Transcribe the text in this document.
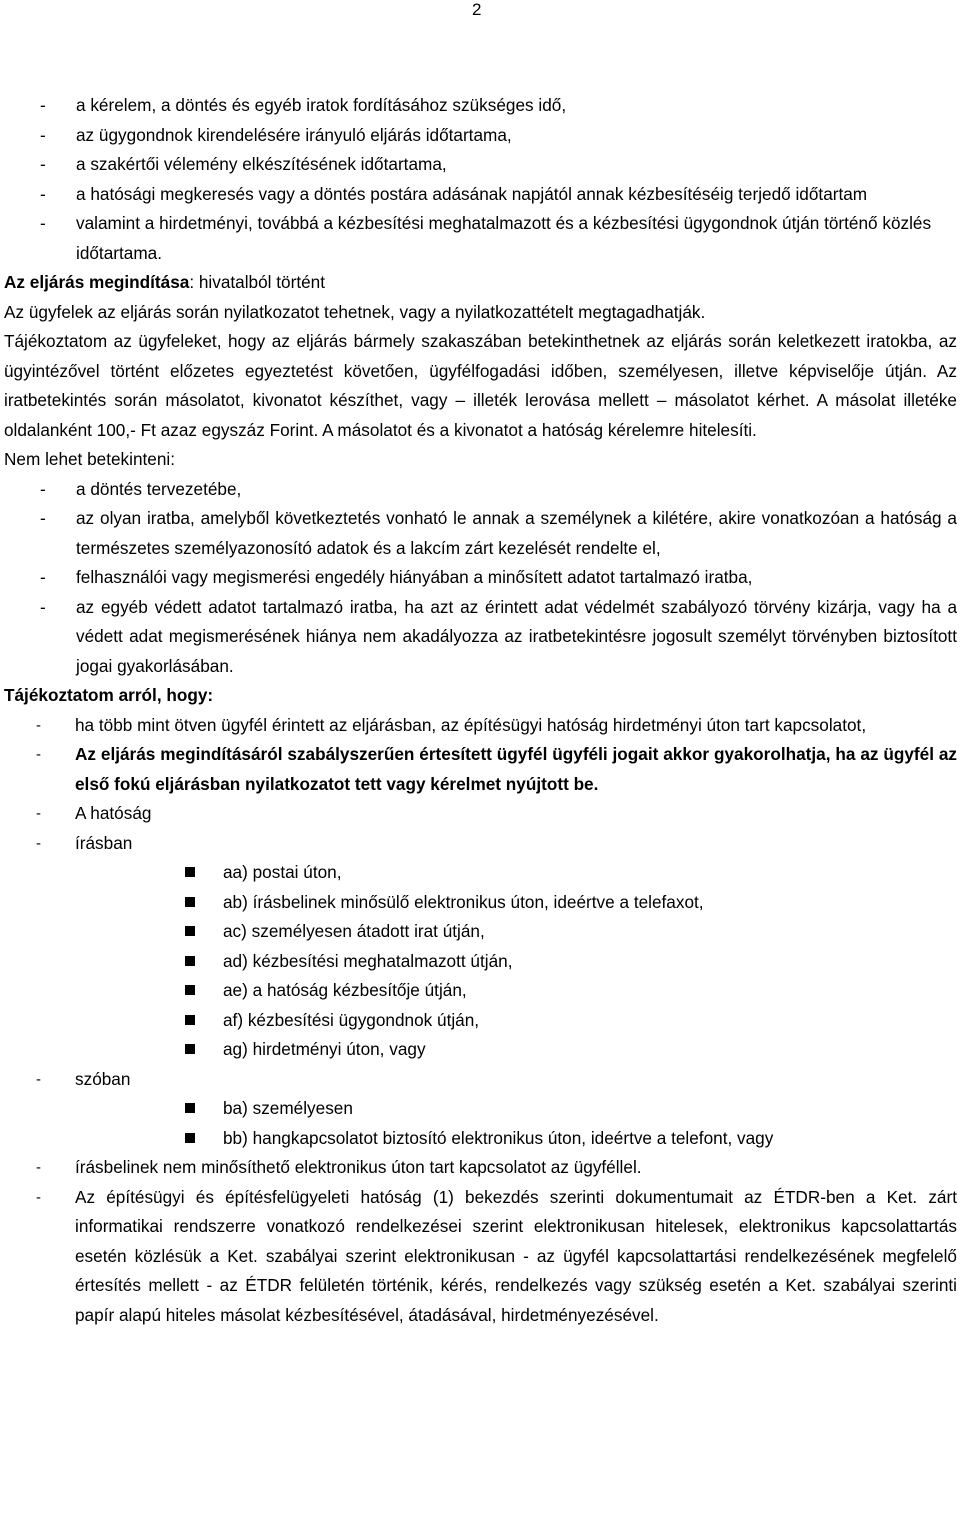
2
-	a kérelem, a döntés és egyéb iratok fordításához szükséges idő,
-	az ügygondnok kirendelésére irányuló eljárás időtartama,
-	a szakértői vélemény elkészítésének időtartama,
-	a hatósági megkeresés vagy a döntés postára adásának napjától annak kézbesítéséig terjedő időtartam
-	valamint a hirdetményi, továbbá a kézbesítési meghatalmazott és a kézbesítési ügygondnok útján történő közlés időtartama.
Az eljárás megindítása: hivatalból történt
Az ügyfelek az eljárás során nyilatkozatot tehetnek, vagy a nyilatkozattételt megtagadhatják.
Tájékoztatom az ügyfeleket, hogy az eljárás bármely szakaszában betekinthetnek az eljárás során keletkezett iratokba, az ügyintézővel történt előzetes egyeztetést követően, ügyfélfogadási időben, személyesen, illetve képviselője útján. Az iratbetekintés során másolatot, kivonatot készíthet, vagy – illeték lerovása mellett – másolatot kérhet. A másolat illetéke oldalanként 100,- Ft azaz egyszáz Forint. A másolatot és a kivonatot a hatóság kérelemre hitelesíti.
Nem lehet betekinteni:
-	a döntés tervezetébe,
-	az olyan iratba, amelyből következtetés vonható le annak a személynek a kilétére, akire vonatkozóan a hatóság a természetes személyazonosító adatok és a lakcím zárt kezelését rendelte el,
-	felhasználói vagy megismerési engedély hiányában a minősített adatot tartalmazó iratba,
-	az egyéb védett adatot tartalmazó iratba, ha azt az érintett adat védelmét szabályozó törvény kizárja, vagy ha a védett adat megismerésének hiánya nem akadályozza az iratbetekintésre jogosult személyt törvényben biztosított jogai gyakorlásában.
Tájékoztatom arról, hogy:
-	ha több mint ötven ügyfél érintett az eljárásban, az építésügyi hatóság hirdetményi úton tart kapcsolatot,
-	Az eljárás megindításáról szabályszerűen értesített ügyfél ügyféli jogait akkor gyakorolhatja, ha az ügyfél az első fokú eljárásban nyilatkozatot tett vagy kérelmet nyújtott be.
-	A hatóság
-	írásban
aa) postai úton,
ab) írásbelinek minősülő elektronikus úton, ideértve a telefaxot,
ac) személyesen átadott irat útján,
ad) kézbesítési meghatalmazott útján,
ae) a hatóság kézbesítője útján,
af) kézbesítési ügygondnok útján,
ag) hirdetményi úton, vagy
-	szóban
ba) személyesen
bb) hangkapcsolatot biztosító elektronikus úton, ideértve a telefont, vagy
-	írásbelinek nem minősíthető elektronikus úton tart kapcsolatot az ügyféllel.
-	Az építésügyi és építésfelügyeleti hatóság (1) bekezdés szerinti dokumentumait az ÉTDR-ben a Ket. zárt informatikai rendszerre vonatkozó rendelkezései szerint elektronikusan hitelesek, elektronikus kapcsolattartás esetén közlésük a Ket. szabályai szerint elektronikusan - az ügyfél kapcsolattartási rendelkezésének megfelelő értesítés mellett - az ÉTDR felületén történik, kérés, rendelkezés vagy szükség esetén a Ket. szabályai szerinti papír alapú hiteles másolat kézbesítésével, átadásával, hirdetményezésével.
